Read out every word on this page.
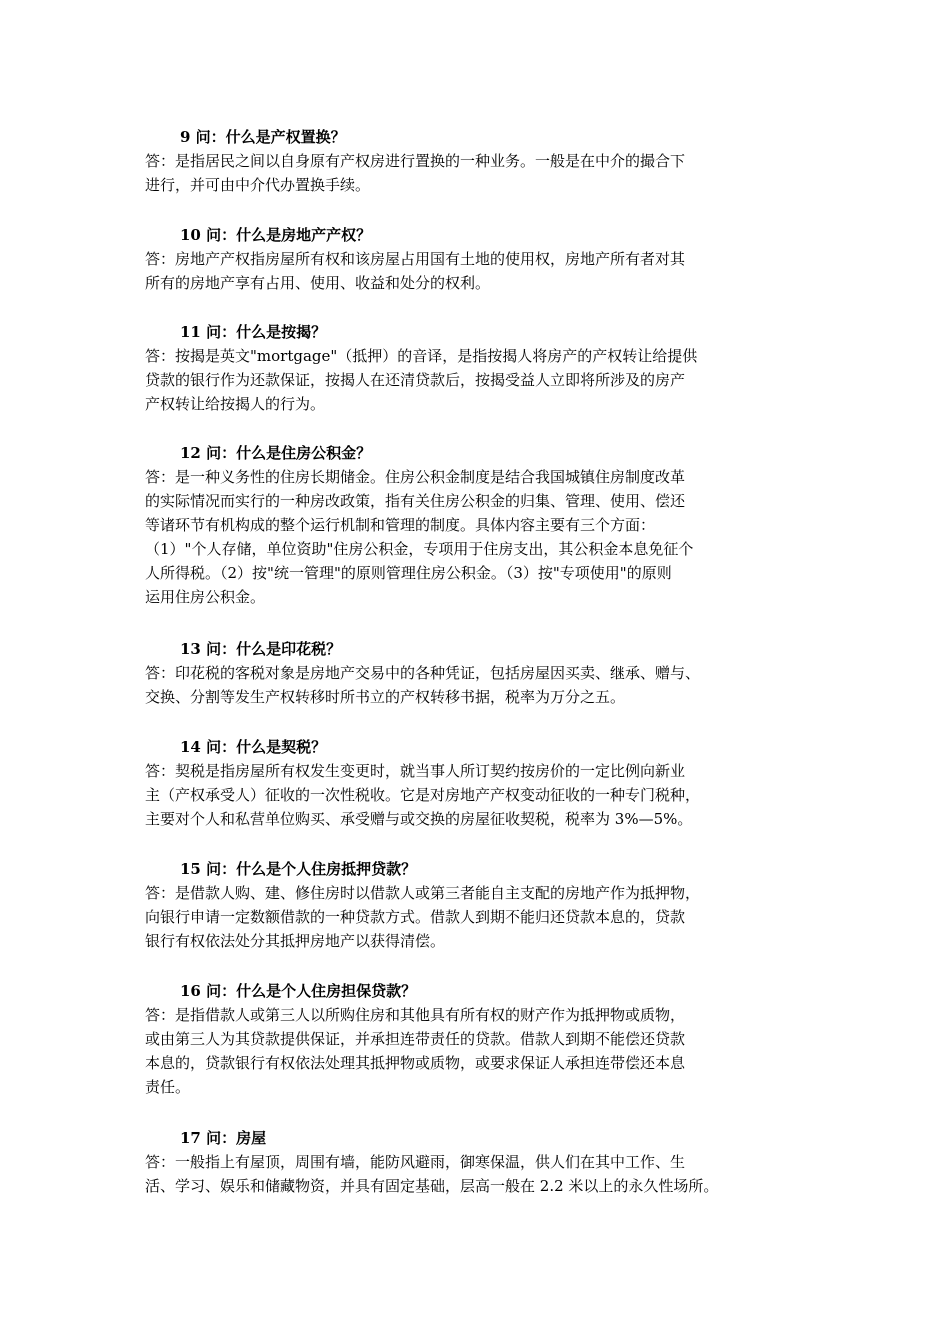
9 问：什么是产权置换？
答：是指居民之间以自身原有产权房进行置换的一种业务。一般是在中介的撮合下
进行，并可由中介代办置换手续。
10 问：什么是房地产产权？
答：房地产产权指房屋所有权和该房屋占用国有土地的使用权，房地产所有者对其
所有的房地产享有占用、使用、收益和处分的权利。
11 问：什么是按揭？
答：按揭是英文"mortgage"（抵押）的音译，是指按揭人将房产的产权转让给提供
贷款的银行作为还款保证，按揭人在还清贷款后，按揭受益人立即将所涉及的房产
产权转让给按揭人的行为。
12 问：什么是住房公积金？
答：是一种义务性的住房长期储金。住房公积金制度是结合我国城镇住房制度改革
的实际情况而实行的一种房改政策，指有关住房公积金的归集、管理、使用、偿还
等诸环节有机构成的整个运行机制和管理的制度。具体内容主要有三个方面：
（1）"个人存储，单位资助"住房公积金，专项用于住房支出，其公积金本息免征个
人所得税。（2）按"统一管理"的原则管理住房公积金。（3）按"专项使用"的原则
运用住房公积金。
13 问：什么是印花税？
答：印花税的客税对象是房地产交易中的各种凭证，包括房屋因买卖、继承、赠与、
交换、分割等发生产权转移时所书立的产权转移书据，税率为万分之五。
14 问：什么是契税？
答：契税是指房屋所有权发生变更时，就当事人所订契约按房价的一定比例向新业
主（产权承受人）征收的一次性税收。它是对房地产产权变动征收的一种专门税种，
主要对个人和私营单位购买、承受赠与或交换的房屋征收契税，税率为 3%—5%。
15 问：什么是个人住房抵押贷款？
答：是借款人购、建、修住房时以借款人或第三者能自主支配的房地产作为抵押物，
向银行申请一定数额借款的一种贷款方式。借款人到期不能归还贷款本息的，贷款
银行有权依法处分其抵押房地产以获得清偿。
16 问：什么是个人住房担保贷款？
答：是指借款人或第三人以所购住房和其他具有所有权的财产作为抵押物或质物，
或由第三人为其贷款提供保证，并承担连带责任的贷款。借款人到期不能偿还贷款
本息的，贷款银行有权依法处理其抵押物或质物，或要求保证人承担连带偿还本息
责任。
17 问：房屋
答：一般指上有屋顶，周围有墙，能防风避雨，御寒保温，供人们在其中工作、生
活、学习、娱乐和储藏物资，并具有固定基础，层高一般在 2.2 米以上的永久性场所。
